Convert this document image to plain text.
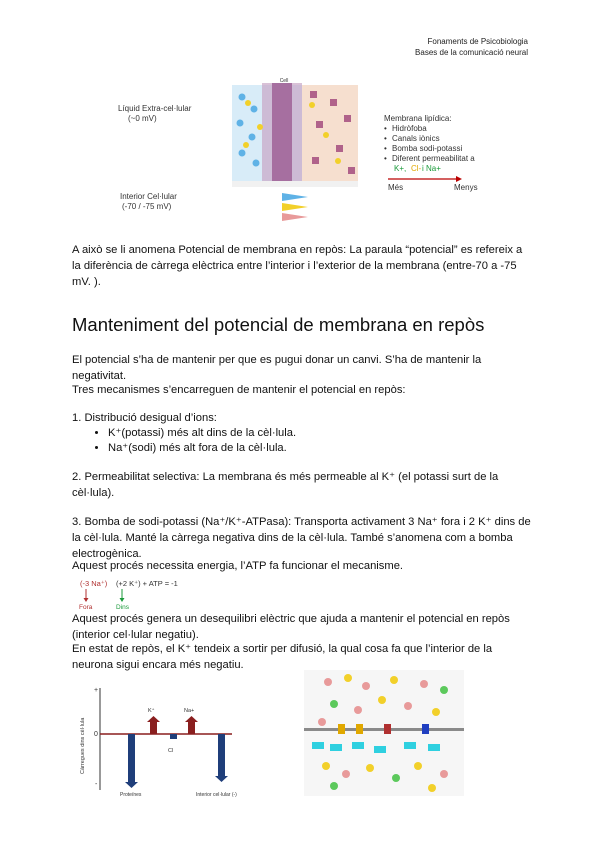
Fonaments de Psicobiologia
Bases de la comunicació neural
Líquid Extra-cel·lular
(~0 mV)
Interior Cel·lular
(-70 / -75 mV)
Cell
Membrana lipídica:
• Hidròfoba
• Canals iònics
• Bomba sodi-potassi
• Diferent permeabilitat a
K+, Cl- i Na+
Més	Menys

A això se li anomena Potencial de membrana en repòs: La paraula “potencial” es refereix a la diferència de càrrega elèctrica entre l’interior i l’exterior de la membrana (entre-70 a -75 mV. ).

Manteniment del potencial de membrana en repòs

El potencial s’ha de mantenir per que es pugui donar un canvi. S’ha de mantenir la negativitat.

Tres mecanismes s’encarreguen de mantenir el potencial en repòs:

1. Distribució desigual d’ions:

• K⁺(potassi) més alt dins de la cèl·lula.
• Na⁺(sodi) més alt fora de la cèl·lula.

2. Permeabilitat selectiva: La membrana és més permeable al K⁺ (el potassi surt de la cèl·lula).

3. Bomba de sodi-potassi (Na⁺/K⁺-ATPasa): Transporta activament 3 Na⁺ fora i 2 K⁺ dins de la cèl·lula. Manté la càrrega negativa dins de la cèl·lula. També s’anomena com a bomba electrogènica.

Aquest procés necessita energia, l’ATP fa funcionar el mecanisme.

(-3 Na⁺) (+2 K⁺) + ATP = -1
Fora	Dins

Aquest procés genera un desequilibri elèctric que ajuda a mantenir el potencial en repòs (interior cel·lular negatiu).

En estat de repòs, el K⁺ tendeix a sortir per difusió, la qual cosa fa que l’interior de la neurona sigui encara més negatiu.

Càrregues dins cèl·lula
+
0
-
K⁺	Na+
Cl
Proteïnes	Interior cel·lular (-)
